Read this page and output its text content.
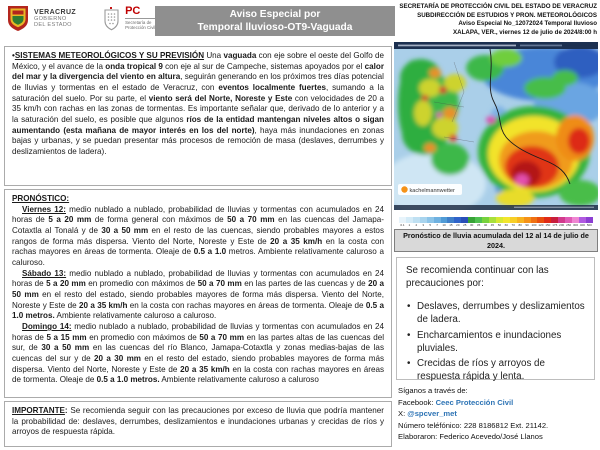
VERACRUZ
GOBIERNO
DEL ESTADO
PC
Secretaría de
Protección Civil
Aviso Especial por
Temporal lluvioso-OT9-Vaguada
SECRETARÍA DE PROTECCIÓN CIVIL DEL ESTADO DE VERACRUZ
SUBDIRECCIÓN DE ESTUDIOS Y PRON. METEOROLÓGICOS
Aviso Especial No_12072024 Temporal lluvioso
XALAPA, VER., viernes 12 de julio de 2024/8:00 h

•SISTEMAS METEOROLÓGICOS Y SU PREVISIÓN Una vaguada con eje sobre el oeste del Golfo de México, y el avance de la onda tropical 9 con eje al sur de Campeche, sistemas apoyados por el calor del mar y la divergencia del viento en altura, seguirán generando en los próximos tres días potencial de lluvias y tormentas en el estado de Veracruz, con eventos localmente fuertes, sumando a la saturación del suelo. Por su parte, el viento será del Norte, Noreste y Este con velocidades de 20 a 35 km/h con rachas en las zonas de tormentas. Es importante señalar que, derivado de lo anterior y a la saturación del suelo, es posible que algunos ríos de la entidad mantengan niveles altos o sigan aumentando (esta mañana de mayor interés en los del norte), haya más inundaciones en zonas bajas y urbanas, y se puedan presentar más procesos de remoción de masa (deslaves, derrumbes y deslizamientos de ladera).

PRONÓSTICO:

Viernes 12: medio nublado a nublado, probabilidad de lluvias y tormentas con acumulados en 24 horas de 5 a 20 mm de forma general con máximos de 50 a 70 mm en las cuencas del Jamapa-Cotaxtla al Tonalá y de 30 a 50 mm en el resto de las cuencas, siendo probables mayores a estos rangos de forma más dispersa. Viento del Norte, Noreste y Este de 20 a 35 km/h en la costa con rachas mayores en áreas de tormenta. Oleaje de 0.5 a 1.0 metros. Ambiente relativamente caluroso a caluroso.

Sábado 13: medio nublado a nublado, probabilidad de lluvias y tormentas con acumulados en 24 horas de 5 a 20 mm en promedio con máximos de 50 a 70 mm en las partes de las cuencas y de 20 a 50 mm en el resto del estado, siendo probables mayores de forma más dispersa. Viento del Norte, Noreste y Este de 20 a 35 km/h en la costa con rachas mayores en áreas de tormenta. Oleaje de 0.5 a 1.0 metros. Ambiente relativamente caluroso a caluroso.

Domingo 14: medio nublado a nublado, probabilidad de lluvias y tormentas con acumulados en 24 horas de 5 a 15 mm en promedio con máximos de 50 a 70 mm en las partes altas de las cuencas del sur, de 30 a 50 mm en las cuencas del río Blanco, Jamapa-Cotaxtla y zonas medias-bajas de las cuencas del sur y de 20 a 30 mm en el resto del estado, siendo probables mayores de forma más dispersa. Viento del Norte, Noreste y Este de 20 a 35 km/h en la costa con rachas mayores en áreas de tormenta. Oleaje de 0.5 a 1.0 metros. Ambiente relativamente caluroso a caluroso

IMPORTANTE: Se recomienda seguir con las precauciones por exceso de lluvia que podría mantener la probabilidad de: deslaves, derrumbes, deslizamientos e inundaciones urbanas y crecidas de ríos y arroyos de respuesta rápida.

kachelmannwetter
0.1	1	2	3	5	7	10	15	20	25	30	35	40	45	50	60	70	80	90 100 120 150 175 200 250 300 400 500
Pronóstico de lluvia acumulada del 12 al 14 de julio de 2024.
Se recomienda continuar con las precauciones por:
• Deslaves, derrumbes y deslizamientos de ladera.
• Encharcamientos e inundaciones pluviales.
• Crecidas de ríos y arroyos de respuesta rápida y lenta.
Síganos a través de:
Facebook: Ceec Protección Civil
X: @spcver_met
Número teléfónico: 228 8186812 Ext. 21142.
Elaboraron: Federico Acevedo/José Llanos
